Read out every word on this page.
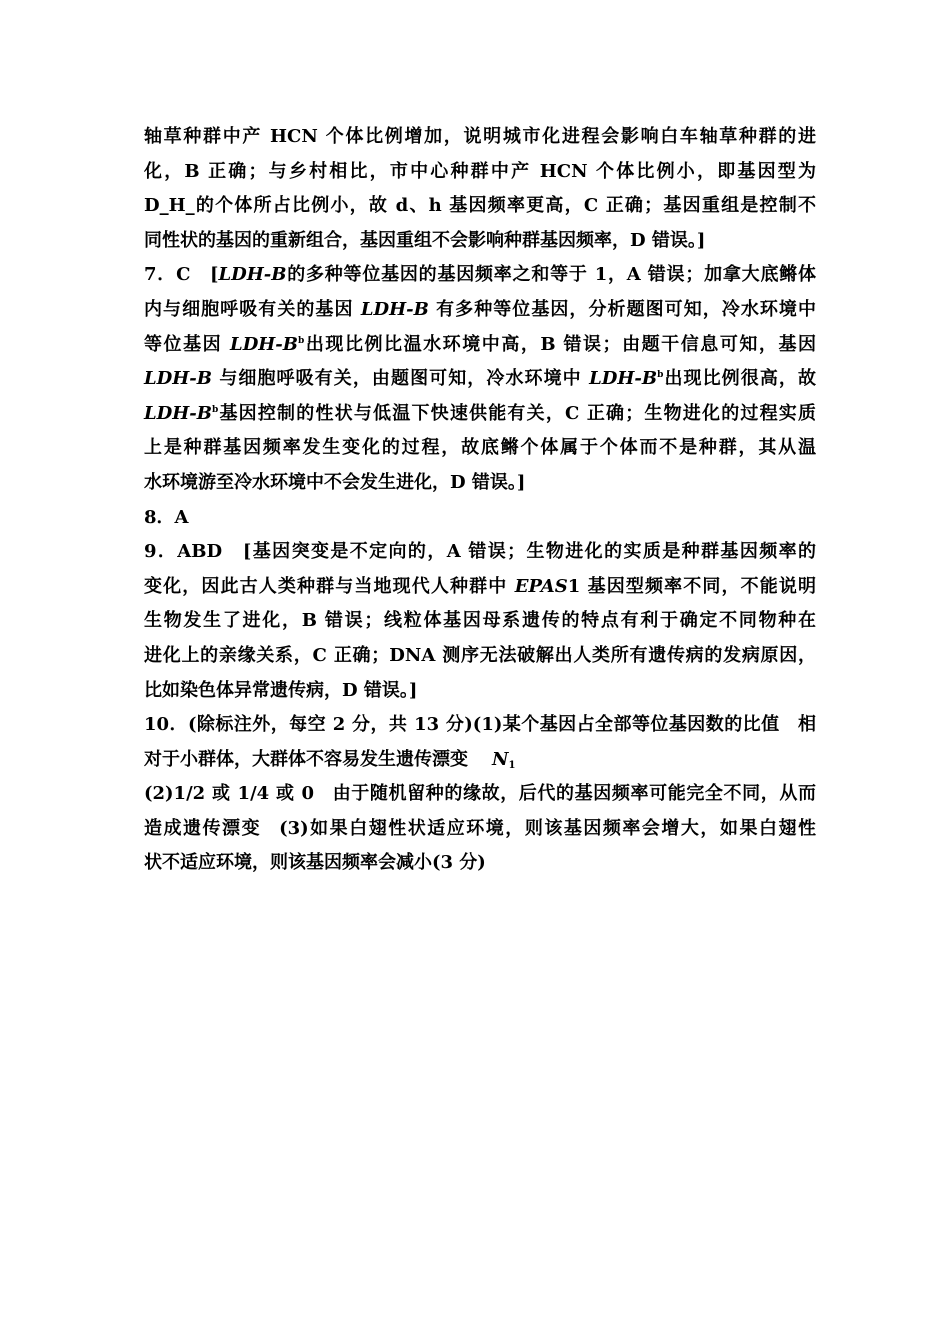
轴草种群中产 HCN 个体比例增加，说明城市化进程会影响白车轴草种群的进
化，B 正确；与乡村相比，市中心种群中产 HCN 个体比例小，即基因型为
D_H_的个体所占比例小，故 d、h 基因频率更高，C 正确；基因重组是控制不
同性状的基因的重新组合，基因重组不会影响种群基因频率，D 错误。]
7．C　[LDH-B的多种等位基因的基因频率之和等于 1，A 错误；加拿大底鳉体
内与细胞呼吸有关的基因 LDH-B 有多种等位基因，分析题图可知，冷水环境中
等位基因 LDH-$B^b$出现比例比温水环境中高，B 错误；由题干信息可知，基因
LDH-B 与细胞呼吸有关，由题图可知，冷水环境中 LDH-$B^b$出现比例很高，故
LDH-$B^b$基因控制的性状与低温下快速供能有关，C 正确；生物进化的过程实质
上是种群基因频率发生变化的过程，故底鳉个体属于个体而不是种群，其从温
水环境游至冷水环境中不会发生进化，D 错误。]
8．A
9．ABD　[基因突变是不定向的，A 错误；生物进化的实质是种群基因频率的
变化，因此古人类种群与当地现代人种群中 EPAS1 基因型频率不同，不能说明
生物发生了进化，B 错误；线粒体基因母系遗传的特点有利于确定不同物种在
进化上的亲缘关系，C 正确；DNA 测序无法破解出人类所有遗传病的发病原因，
比如染色体异常遗传病，D 错误。]
10．(除标注外，每空 2 分，共 13 分)(1)某个基因占全部等位基因数的比值 相
对于小群体，大群体不容易发生遗传漂变 $N_1$
(2)1/2 或 1/4 或 0 由于随机留种的缘故，后代的基因频率可能完全不同，从而
造成遗传漂变 (3)如果白翅性状适应环境，则该基因频率会增大，如果白翅性
状不适应环境，则该基因频率会减小(3 分)
